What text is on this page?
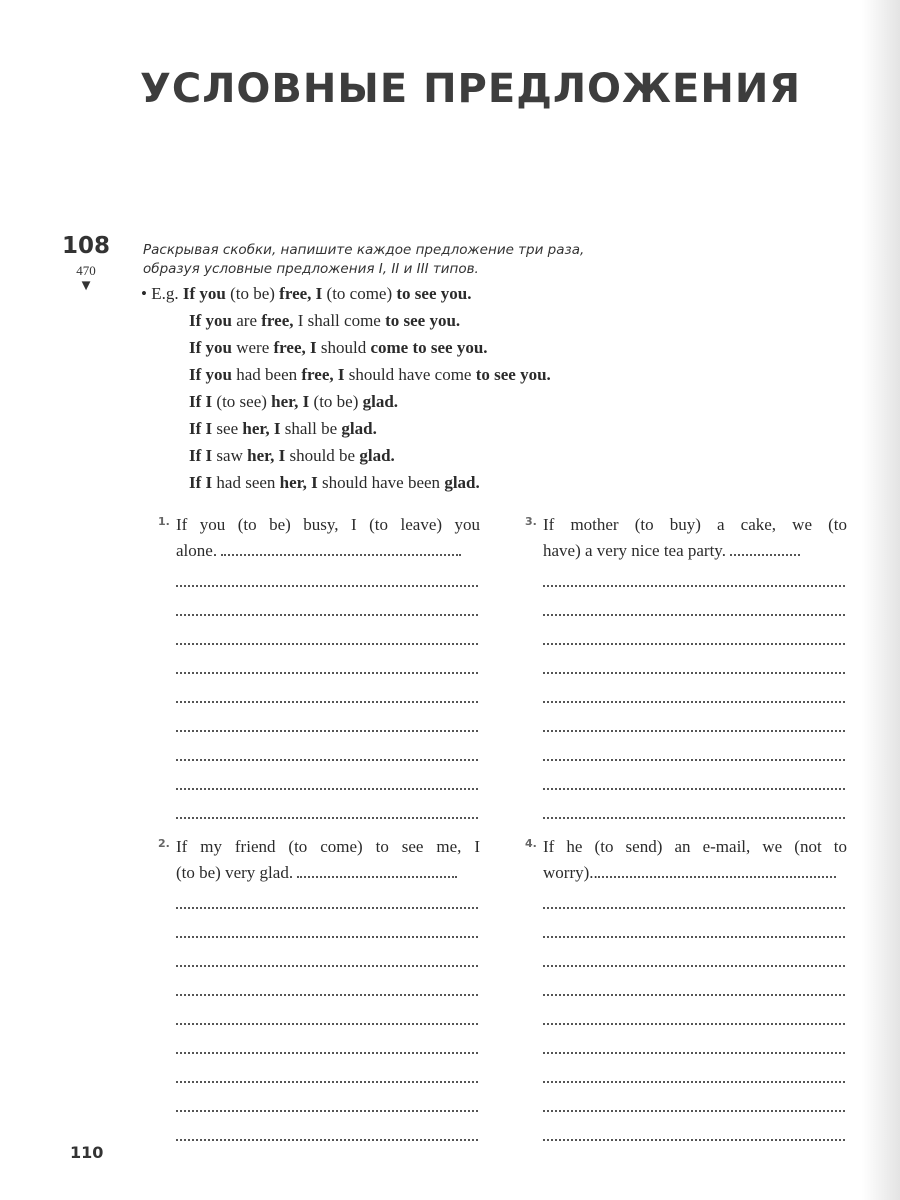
УСЛОВНЫЕ ПРЕДЛОЖЕНИЯ
108
470
▼
Раскрывая скобки, напишите каждое предложение три раза,
образуя условные предложения I, II и III типов.
• E.g. If you (to be) free, I (to come) to see you.
If you are free, I shall come to see you.
If you were free, I should come to see you.
If you had been free, I should have come to see you.
If I (to see) her, I (to be) glad.
If I see her, I shall be glad.
If I saw her, I should be glad.
If I had seen her, I should have been glad.
1. If you (to be) busy, I (to leave) you
alone.
2. If my friend (to come) to see me, I
(to be) very glad.
3. If mother (to buy) a cake, we (to
have) a very nice tea party.
4. If he (to send) an e-mail, we (not to
worry)..
110
